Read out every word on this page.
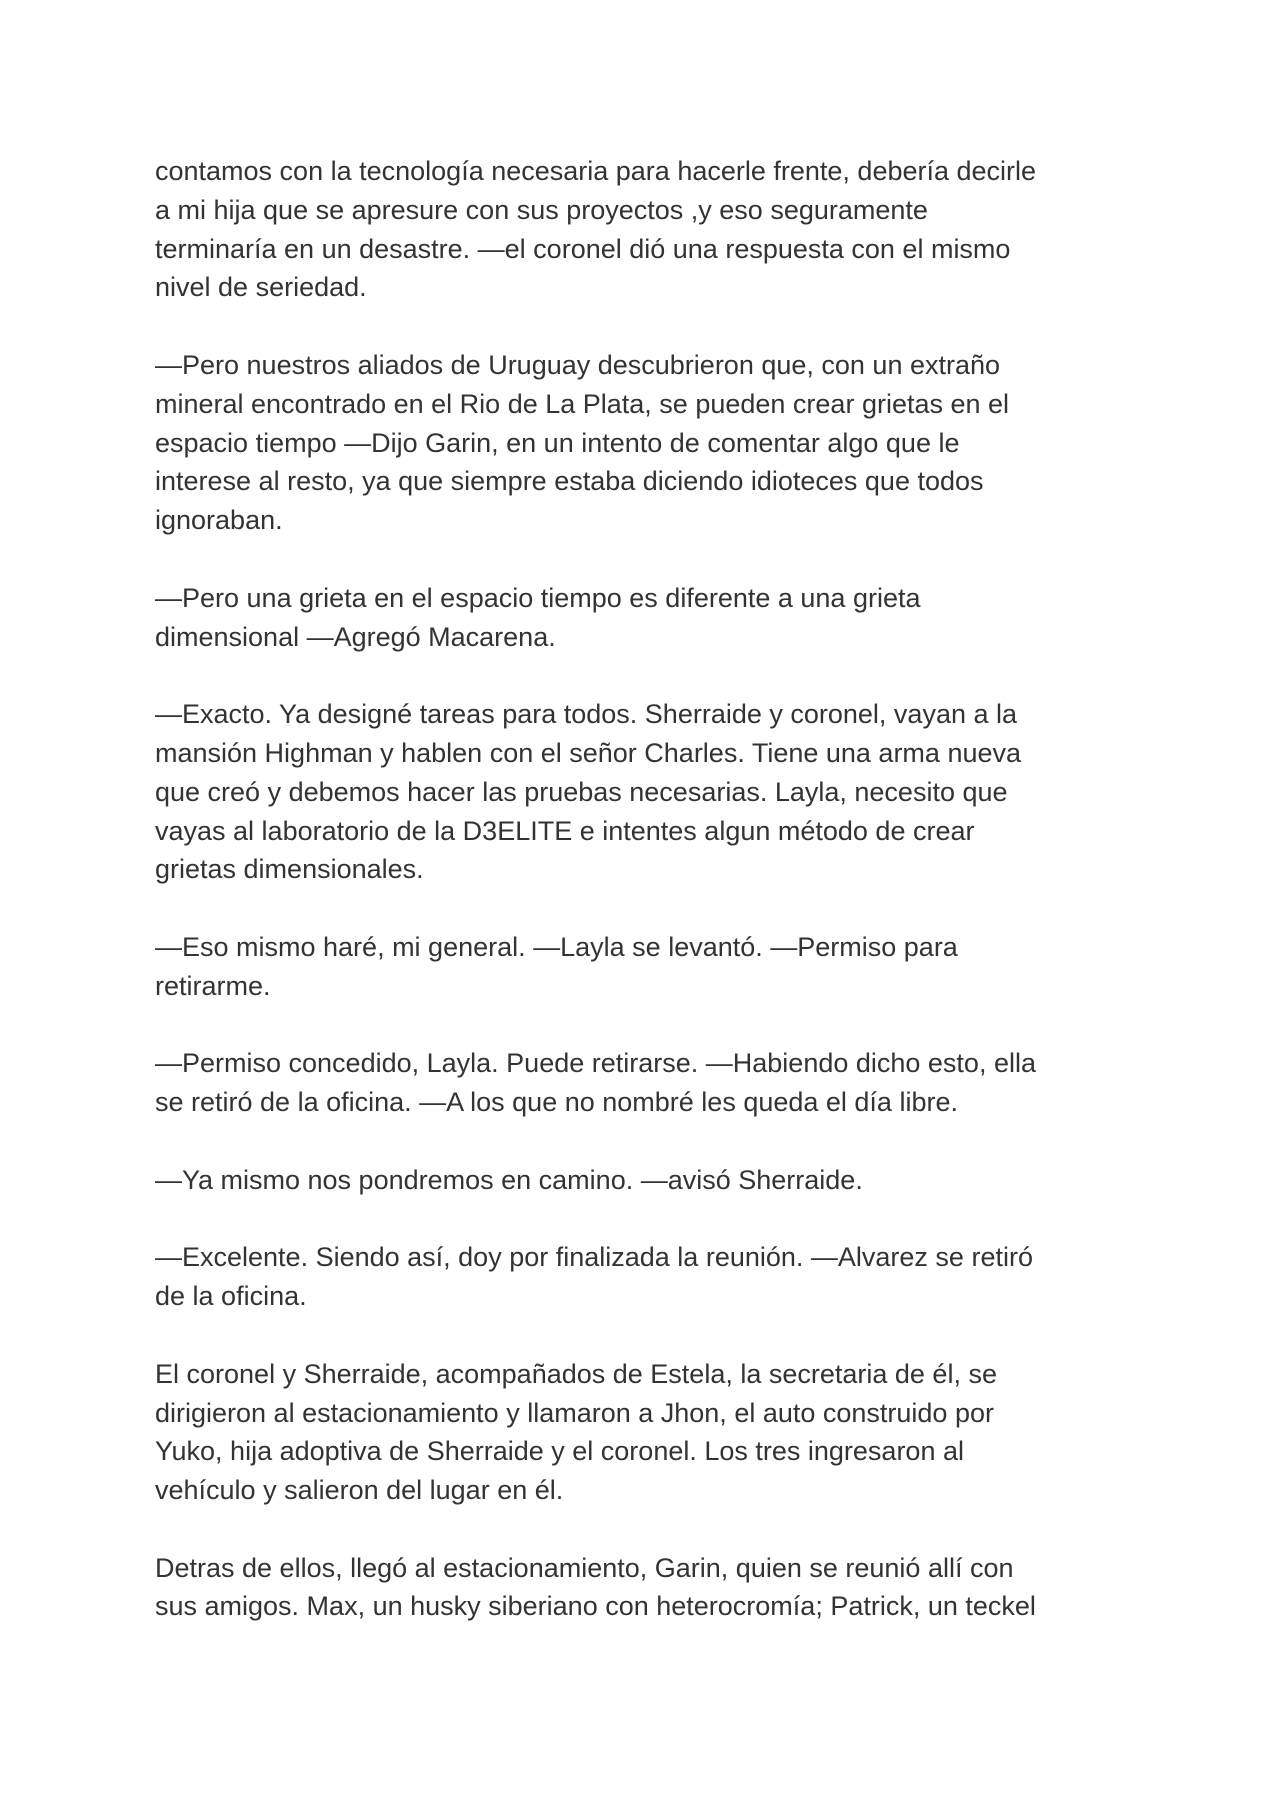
contamos con la tecnología necesaria para hacerle frente, debería decirle
a mi hija que se apresure con sus proyectos ,y eso seguramente
terminaría en un desastre. —el coronel dió una respuesta con el mismo
nivel de seriedad.

—Pero nuestros aliados de Uruguay descubrieron que, con un extraño
mineral encontrado en el Rio de La Plata, se pueden crear grietas en el
espacio tiempo —Dijo Garin, en un intento de comentar algo que le
interese al resto, ya que siempre estaba diciendo idioteces que todos
ignoraban.

—Pero una grieta en el espacio tiempo es diferente a una grieta
dimensional —Agregó Macarena.

—Exacto. Ya designé tareas para todos. Sherraide y coronel, vayan a la
mansión Highman y hablen con el señor Charles. Tiene una arma nueva
que creó y debemos hacer las pruebas necesarias. Layla, necesito que
vayas al laboratorio de la D3ELITE e intentes algun método de crear
grietas dimensionales.

—Eso mismo haré, mi general. —Layla se levantó. —Permiso para
retirarme.

—Permiso concedido, Layla. Puede retirarse. —Habiendo dicho esto, ella
se retiró de la oficina. —A los que no nombré les queda el día libre.

—Ya mismo nos pondremos en camino. —avisó Sherraide.

—Excelente. Siendo así, doy por finalizada la reunión. —Alvarez se retiró
de la oficina.

El coronel y Sherraide, acompañados de Estela, la secretaria de él, se
dirigieron al estacionamiento y llamaron a Jhon, el auto construido por
Yuko, hija adoptiva de Sherraide y el coronel. Los tres ingresaron al
vehículo y salieron del lugar en él.

Detras de ellos, llegó al estacionamiento, Garin, quien se reunió allí con
sus amigos. Max, un husky siberiano con heterocromía; Patrick, un teckel
